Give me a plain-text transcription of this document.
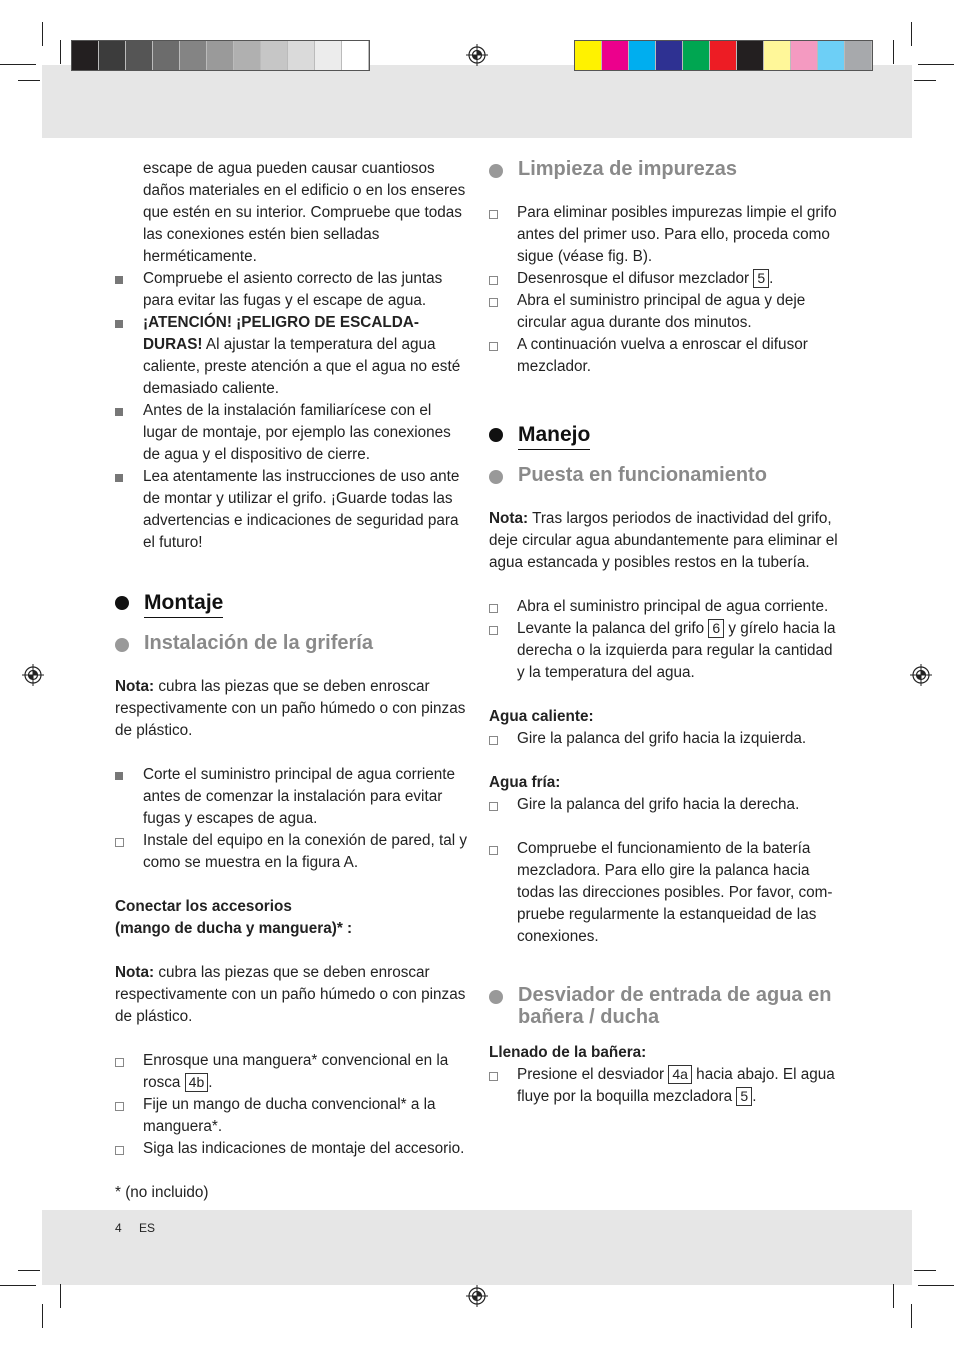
escape de agua pueden causar cuantiosos daños materiales en el edificio o en los enseres que estén en su interior. Compruebe que todas las conexiones estén bien selladas herméticamente.

Compruebe el asiento correcto de las juntas para evitar las fugas y el escape de agua.

¡ATENCIÓN! ¡PELIGRO DE ESCALDADURAS! Al ajustar la temperatura del agua caliente, preste atención a que el agua no esté demasiado caliente.

Antes de la instalación familiarícese con el lugar de montaje, por ejemplo las conexiones de agua y el dispositivo de cierre.

Lea atentamente las instrucciones de uso ante de montar y utilizar el grifo. ¡Guarde todas las advertencias e indicaciones de seguridad para el futuro!

Montaje
Instalación de la grifería

Nota: cubra las piezas que se deben enroscar respectivamente con un paño húmedo o con pinzas de plástico.

Corte el suministro principal de agua corriente antes de comenzar la instalación para evitar fugas y escapes de agua.

Instale del equipo en la conexión de pared, tal y como se muestra en la figura A.

Conectar los accesorios
(mango de ducha y manguera)* :

Nota: cubra las piezas que se deben enroscar respectivamente con un paño húmedo o con pinzas de plástico.

Enrosque una manguera* convencional en la rosca 4b .

Fije un mango de ducha convencional* a la manguera*.

Siga las indicaciones de montaje del accesorio.

* (no incluido)

Limpieza de impurezas

Para eliminar posibles impurezas limpie el grifo antes del primer uso. Para ello, proceda como sigue (véase fig. B).

Desenrosque el difusor mezclador 5 .

Abra el suministro principal de agua y deje circular agua durante dos minutos.

A continuación vuelva a enroscar el difusor mezclador.

Manejo
Puesta en funcionamiento

Nota: Tras largos periodos de inactividad del grifo, deje circular agua abundantemente para eliminar el agua estancada y posibles restos en la tubería.

Abra el suministro principal de agua corriente.

Levante la palanca del grifo 6 y gírelo hacia la derecha o la izquierda para regular la cantidad y la temperatura del agua.

Agua caliente:

Gire la palanca del grifo hacia la izquierda.

Agua fría:

Gire la palanca del grifo hacia la derecha.

Compruebe el funcionamiento de la batería mezcladora. Para ello gire la palanca hacia todas las direcciones posibles. Por favor, compruebe regularmente la estanqueidad de las conexiones.

Desviador de entrada de agua en bañera / ducha

Llenado de la bañera:

Presione el desviador 4a hacia abajo. El agua fluye por la boquilla mezcladora 5 .

4 ES
